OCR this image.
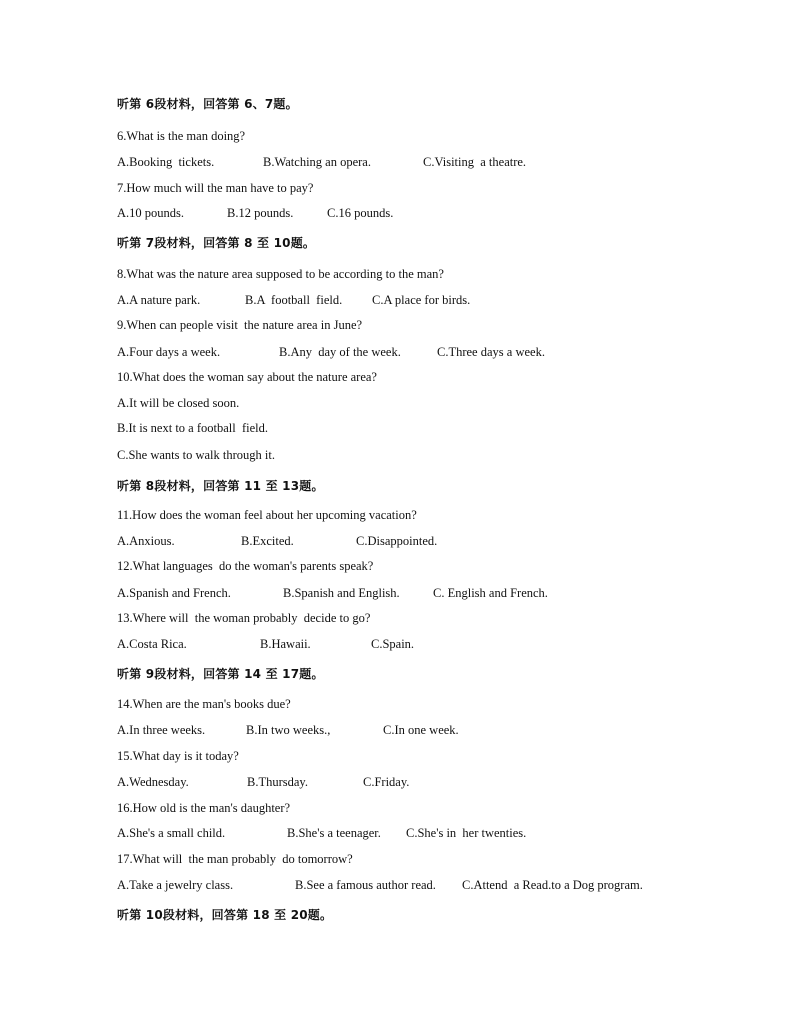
听第 6段材料，回答第 6、7题。
6.What is the man doing?
A.Booking  tickets.	B.Watching an opera.	C.Visiting  a theatre.
7.How much will the man have to pay?
A.10 pounds.	B.12 pounds.	C.16 pounds.
听第 7段材料，回答第 8 至 10题。
8.What was the nature area supposed to be according to the man?
A.A nature park.	B.A  football  field.	C.A place for birds.
9.When can people visit  the nature area in June?
A.Four days a week.	B.Any  day of the week.	C.Three days a week.
10.What does the woman say about the nature area?
A.It will be closed soon.
B.It is next to a football  field.
C.She wants to walk through it.
听第 8段材料，回答第 11 至 13题。
11.How does the woman feel about her upcoming vacation?
A.Anxious.	B.Excited.	C.Disappointed.
12.What languages  do the woman's parents speak?
A.Spanish and French.	B.Spanish and English.	C. English and French.
13.Where will  the woman probably  decide to go?
A.Costa Rica.	B.Hawaii.	C.Spain.
听第 9段材料，回答第 14 至 17题。
14.When are the man's books due?
A.In three weeks.	B.In two weeks.,	C.In one week.
15.What day is it today?
A.Wednesday.	B.Thursday.	C.Friday.
16.How old is the man's daughter?
A.She's a small child.	B.She's a teenager.	C.She's in  her twenties.
17.What will  the man probably  do tomorrow?
A.Take a jewelry class.	B.See a famous author read.	C.Attend  a Read.to a Dog program.
听第 10段材料，回答第 18 至 20题。
